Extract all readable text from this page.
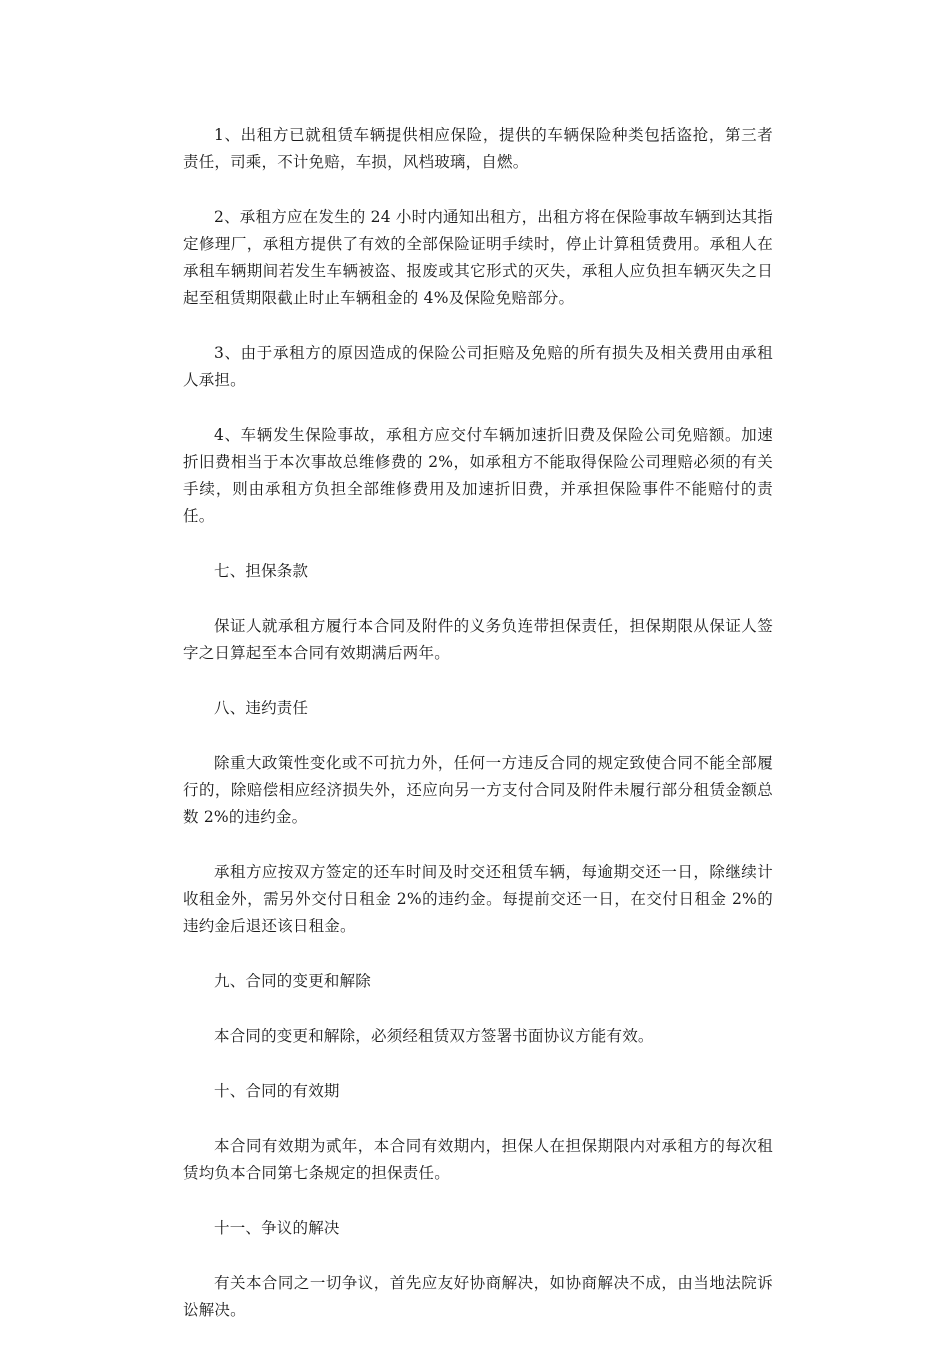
1、出租方已就租赁车辆提供相应保险，提供的车辆保险种类包括盗抢，第三者责任，司乘，不计免赔，车损，风档玻璃，自燃。

2、承租方应在发生的 24 小时内通知出租方，出租方将在保险事故车辆到达其指定修理厂，承租方提供了有效的全部保险证明手续时，停止计算租赁费用。承租人在承租车辆期间若发生车辆被盗、报废或其它形式的灭失，承租人应负担车辆灭失之日起至租赁期限截止时止车辆租金的 4%及保险免赔部分。

3、由于承租方的原因造成的保险公司拒赔及免赔的所有损失及相关费用由承租人承担。

4、车辆发生保险事故，承租方应交付车辆加速折旧费及保险公司免赔额。加速折旧费相当于本次事故总维修费的 2%，如承租方不能取得保险公司理赔必须的有关手续，则由承租方负担全部维修费用及加速折旧费，并承担保险事件不能赔付的责任。

七、担保条款

保证人就承租方履行本合同及附件的义务负连带担保责任，担保期限从保证人签字之日算起至本合同有效期满后两年。

八、违约责任

除重大政策性变化或不可抗力外，任何一方违反合同的规定致使合同不能全部履行的，除赔偿相应经济损失外，还应向另一方支付合同及附件未履行部分租赁金额总数 2%的违约金。

承租方应按双方签定的还车时间及时交还租赁车辆，每逾期交还一日，除继续计收租金外，需另外交付日租金 2%的违约金。每提前交还一日，在交付日租金 2%的违约金后退还该日租金。

九、合同的变更和解除

本合同的变更和解除，必须经租赁双方签署书面协议方能有效。

十、合同的有效期

本合同有效期为贰年，本合同有效期内，担保人在担保期限内对承租方的每次租赁均负本合同第七条规定的担保责任。

十一、争议的解决

有关本合同之一切争议，首先应友好协商解决，如协商解决不成，由当地法院诉讼解决。
